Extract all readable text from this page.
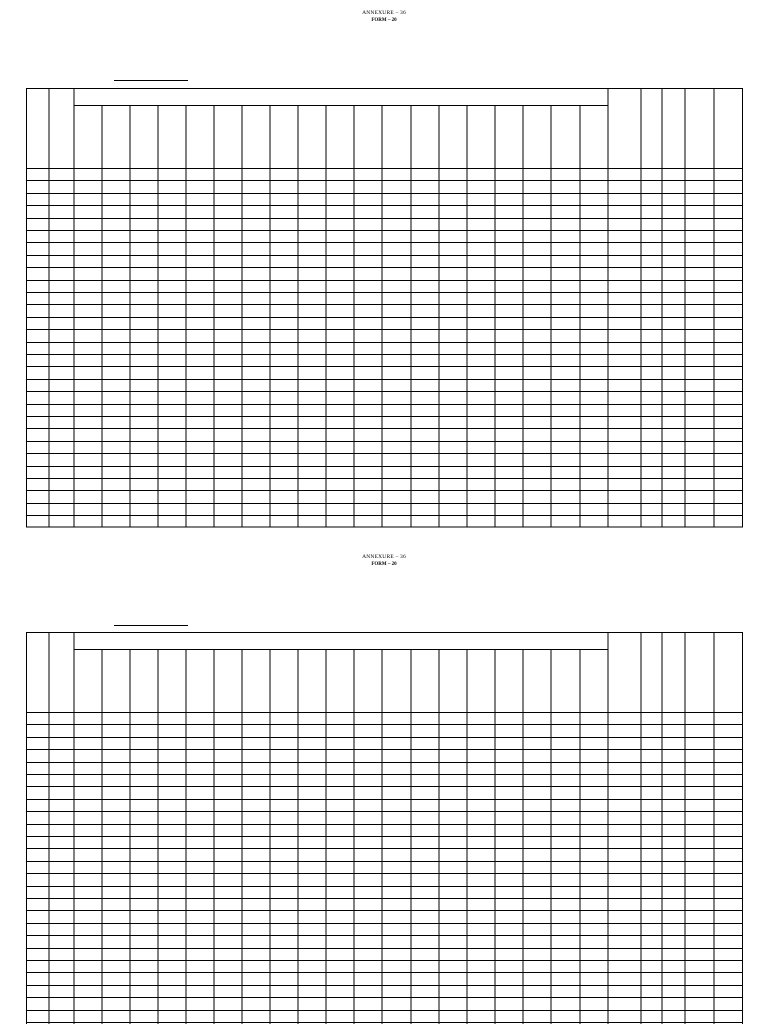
ANNEXURE – 36
FORM – 20
ANNEXURE – 36
FORM – 20
